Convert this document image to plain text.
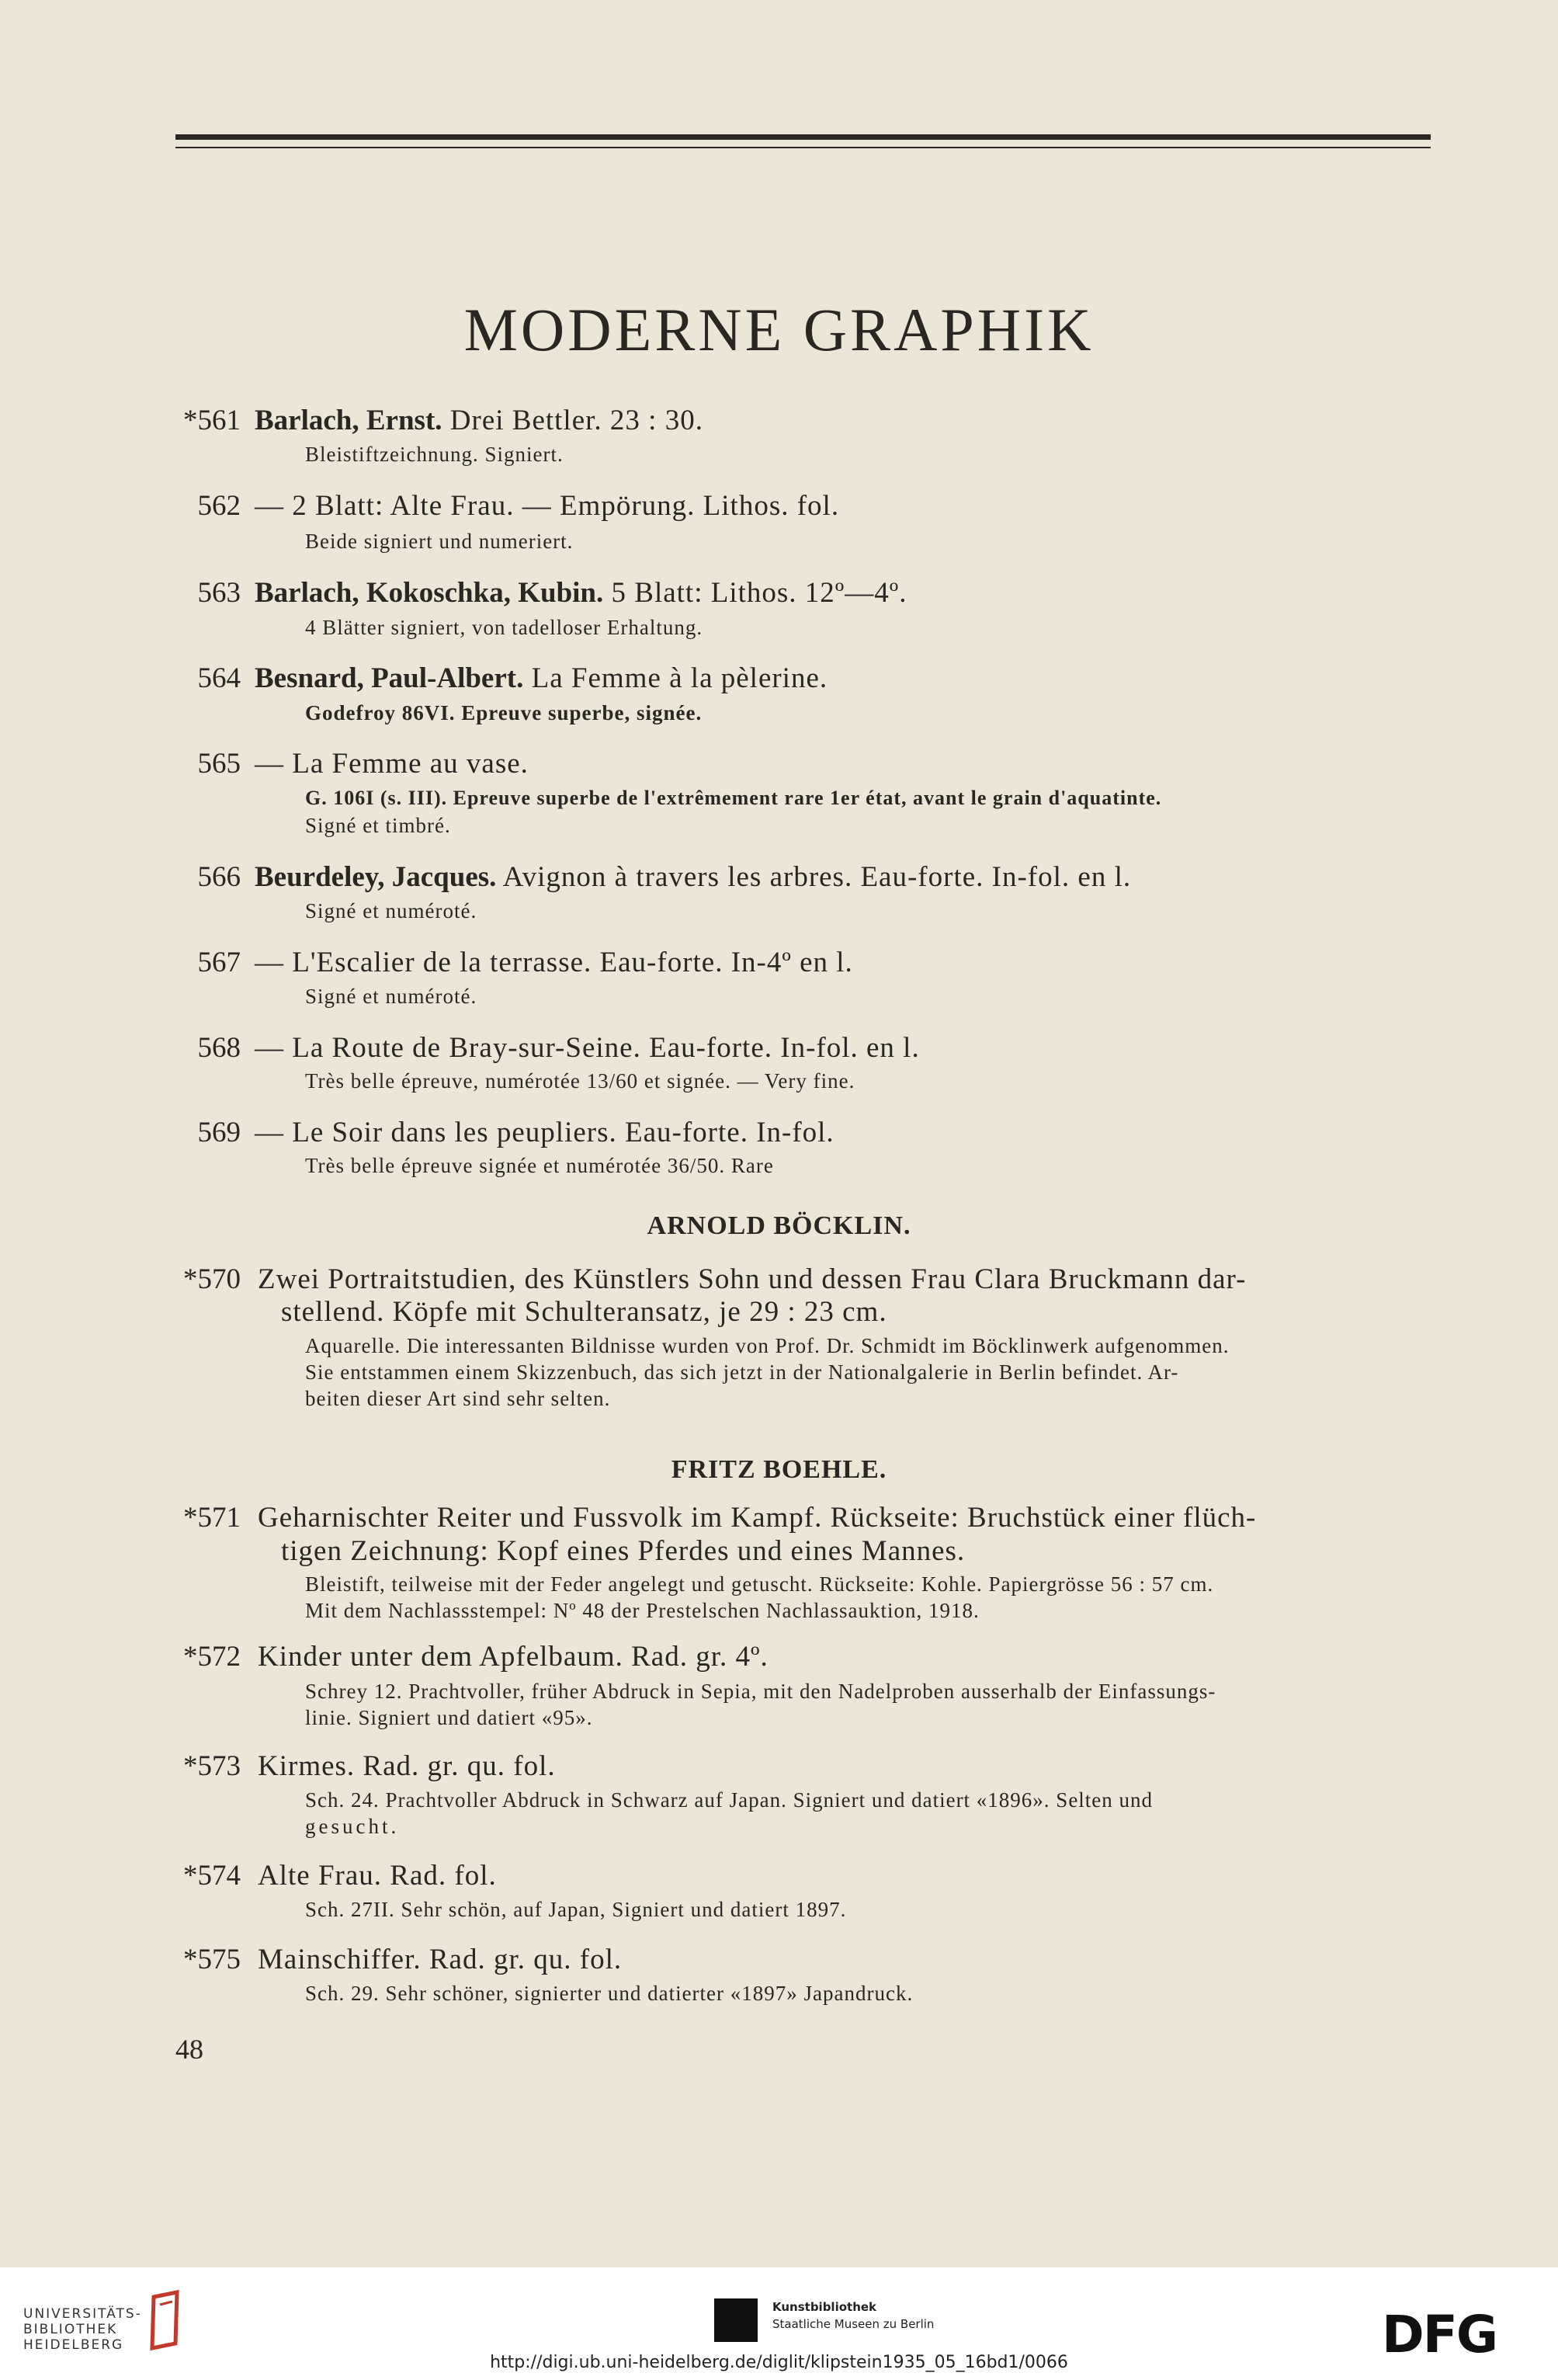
MODERNE GRAPHIK
*561 Barlach, Ernst. Drei Bettler. 23 : 30.
Bleistiftzeichnung. Signiert.
562 — 2 Blatt: Alte Frau. — Empörung. Lithos. fol.
Beide signiert und numeriert.
563 Barlach, Kokoschka, Kubin. 5 Blatt: Lithos. 12º—4º.
4 Blätter signiert, von tadelloser Erhaltung.
564 Besnard, Paul-Albert. La Femme à la pèlerine.
Godefroy 86VI. Epreuve superbe, signée.
565 — La Femme au vase.
G. 106I (s. III). Epreuve superbe de l'extrêmement rare 1er état, avant le grain d'aquatinte.
Signé et timbré.
566 Beurdeley, Jacques. Avignon à travers les arbres. Eau-forte. In-fol. en l.
Signé et numéroté.
567 — L'Escalier de la terrasse. Eau-forte. In-4º en l.
Signé et numéroté.
568 — La Route de Bray-sur-Seine. Eau-forte. In-fol. en l.
Très belle épreuve, numérotée 13/60 et signée. — Very fine.
569 — Le Soir dans les peupliers. Eau-forte. In-fol.
Très belle épreuve signée et numérotée 36/50. Rare
ARNOLD BÖCKLIN.
*570 Zwei Portraitstudien, des Künstlers Sohn und dessen Frau Clara Bruckmann dar-
stellend. Köpfe mit Schulteransatz, je 29 : 23 cm.
Aquarelle. Die interessanten Bildnisse wurden von Prof. Dr. Schmidt im Böcklinwerk aufgenommen.
Sie entstammen einem Skizzenbuch, das sich jetzt in der Nationalgalerie in Berlin befindet. Ar-
beiten dieser Art sind sehr selten.
FRITZ BOEHLE.
*571 Geharnischter Reiter und Fussvolk im Kampf. Rückseite: Bruchstück einer flüch-
tigen Zeichnung: Kopf eines Pferdes und eines Mannes.
Bleistift, teilweise mit der Feder angelegt und getuscht. Rückseite: Kohle. Papiergrösse 56 : 57 cm.
Mit dem Nachlassstempel: Nº 48 der Prestelschen Nachlassauktion, 1918.
*572 Kinder unter dem Apfelbaum. Rad. gr. 4º.
Schrey 12. Prachtvoller, früher Abdruck in Sepia, mit den Nadelproben ausserhalb der Einfassungs-
linie. Signiert und datiert «95».
*573 Kirmes. Rad. gr. qu. fol.
Sch. 24. Prachtvoller Abdruck in Schwarz auf Japan. Signiert und datiert «1896». Selten und
gesucht.
*574 Alte Frau. Rad. fol.
Sch. 27II. Sehr schön, auf Japan, Signiert und datiert 1897.
*575 Mainschiffer. Rad. gr. qu. fol.
Sch. 29. Sehr schöner, signierter und datierter «1897» Japandruck.
48
UNIVERSITÄTS-
BIBLIOTHEK
HEIDELBERG
Kunstbibliothek
Staatliche Museen zu Berlin	DFG
http://digi.ub.uni-heidelberg.de/diglit/klipstein1935_05_16bd1/0066
